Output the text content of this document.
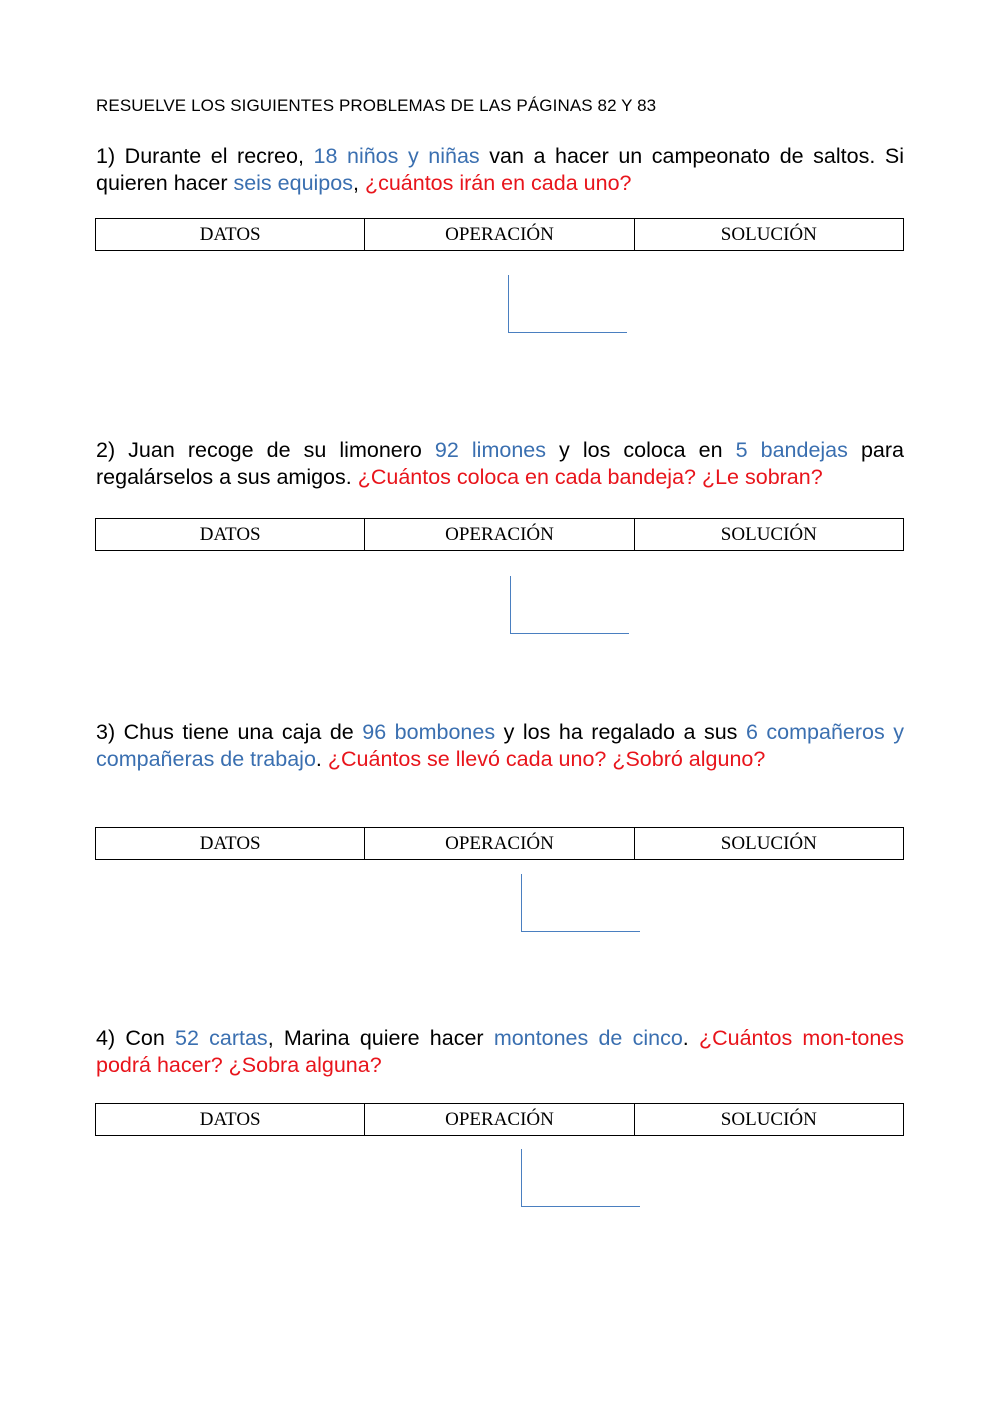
RESUELVE LOS SIGUIENTES PROBLEMAS DE LAS PÁGINAS 82 Y 83

1) Durante el recreo, 18 niños y niñas van a hacer un campeonato de saltos. Si quieren hacer seis equipos, ¿cuántos irán en cada uno?

DATOS	OPERACIÓN	SOLUCIÓN

2) Juan recoge de su limonero 92 limones y los coloca en 5 bandejas para regalárselos a sus amigos. ¿Cuántos coloca en cada bandeja? ¿Le sobran?

DATOS	OPERACIÓN	SOLUCIÓN

3) Chus tiene una caja de 96 bombones y los ha regalado a sus 6 compañeros y compañeras de trabajo. ¿Cuántos se llevó cada uno? ¿Sobró alguno?

DATOS	OPERACIÓN	SOLUCIÓN

4) Con 52 cartas, Marina quiere hacer montones de cinco. ¿Cuántos mon-tones podrá hacer? ¿Sobra alguna?

DATOS	OPERACIÓN	SOLUCIÓN
